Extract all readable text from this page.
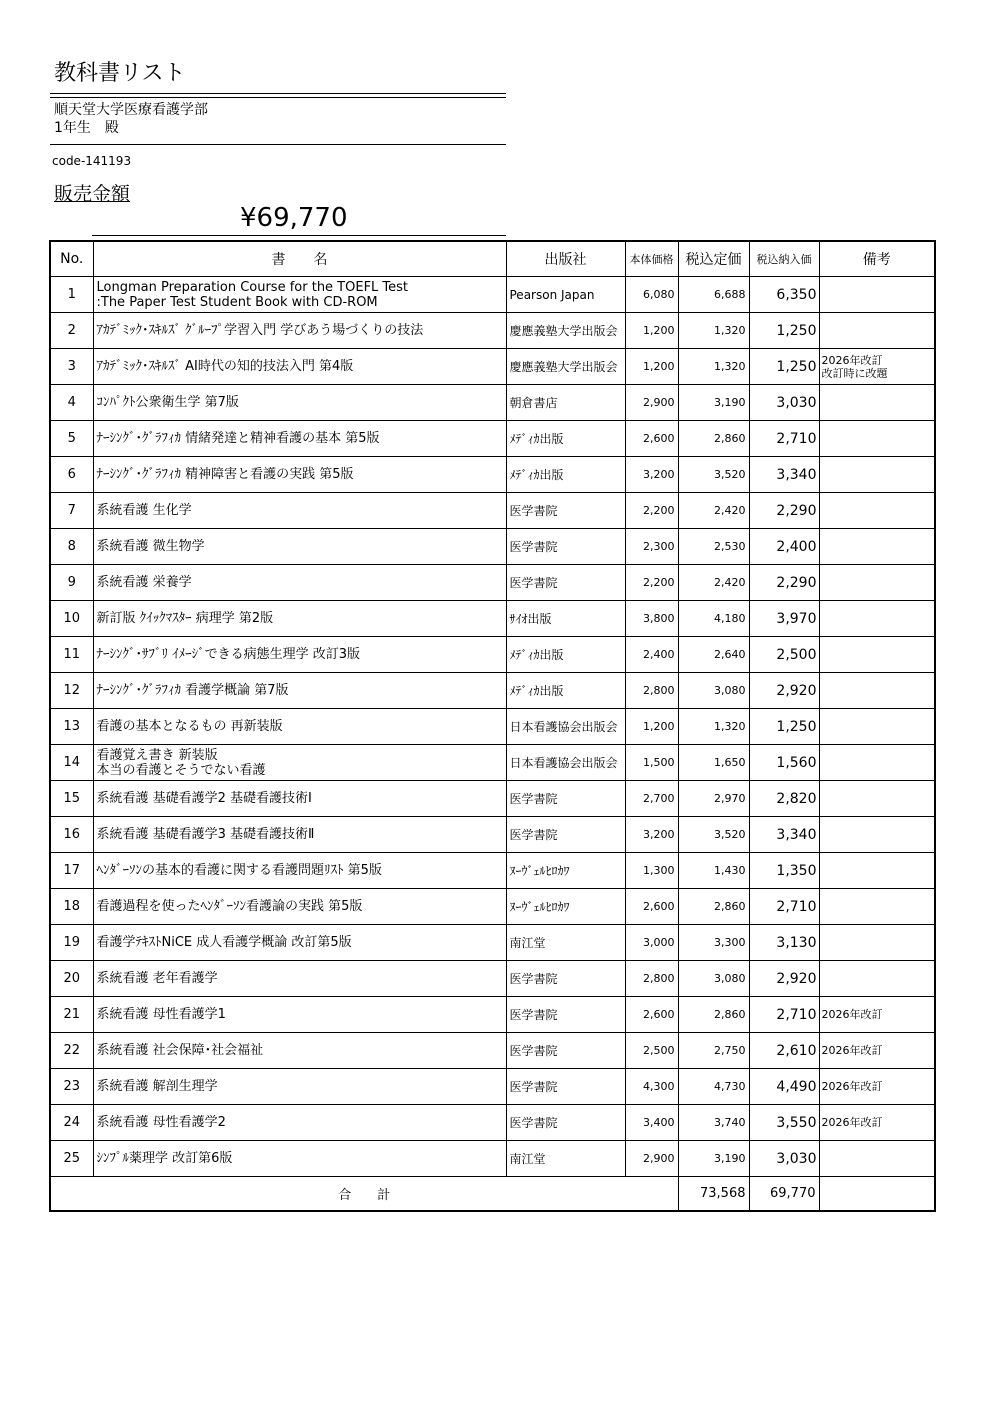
教科書リスト
順天堂大学医療看護学部
1年生　殿
code-141193
販売金額
¥69,770
No.	書　　名	出版社	本体価格	税込定価	税込納入価	備考
1	Longman Preparation Course for the TOEFL Test
:The Paper Test Student Book with CD-ROM	Pearson Japan	6,080	6,688	6,350	
2	ｱｶﾃﾞﾐｯｸ･ｽｷﾙｽﾞ ｸﾞﾙｰﾌﾟ学習入門 学びあう場づくりの技法	慶應義塾大学出版会	1,200	1,320	1,250	
3	ｱｶﾃﾞﾐｯｸ･ｽｷﾙｽﾞ AI時代の知的技法入門 第4版	慶應義塾大学出版会	1,200	1,320	1,250	2026年改訂
改訂時に改題
4	ｺﾝﾊﾟｸﾄ公衆衛生学 第7版	朝倉書店	2,900	3,190	3,030	
5	ﾅｰｼﾝｸﾞ･ｸﾞﾗﾌｨｶ 情緒発達と精神看護の基本 第5版	ﾒﾃﾞｨｶ出版	2,600	2,860	2,710	
6	ﾅｰｼﾝｸﾞ･ｸﾞﾗﾌｨｶ 精神障害と看護の実践 第5版	ﾒﾃﾞｨｶ出版	3,200	3,520	3,340	
7	系統看護 生化学	医学書院	2,200	2,420	2,290	
8	系統看護 微生物学	医学書院	2,300	2,530	2,400	
9	系統看護 栄養学	医学書院	2,200	2,420	2,290	
10	新訂版 ｸｲｯｸﾏｽﾀｰ 病理学 第2版	ｻｲｵ出版	3,800	4,180	3,970	
11	ﾅｰｼﾝｸﾞ･ｻﾌﾞﾘ ｲﾒｰｼﾞできる病態生理学 改訂3版	ﾒﾃﾞｨｶ出版	2,400	2,640	2,500	
12	ﾅｰｼﾝｸﾞ･ｸﾞﾗﾌｨｶ 看護学概論 第7版	ﾒﾃﾞｨｶ出版	2,800	3,080	2,920	
13	看護の基本となるもの 再新装版	日本看護協会出版会	1,200	1,320	1,250	
14	看護覚え書き 新装版
本当の看護とそうでない看護	日本看護協会出版会	1,500	1,650	1,560	
15	系統看護 基礎看護学2 基礎看護技術Ⅰ	医学書院	2,700	2,970	2,820	
16	系統看護 基礎看護学3 基礎看護技術Ⅱ	医学書院	3,200	3,520	3,340	
17	ﾍﾝﾀﾞｰｿﾝの基本的看護に関する看護問題ﾘｽﾄ 第5版	ﾇｰｳﾞｪﾙﾋﾛｶﾜ	1,300	1,430	1,350	
18	看護過程を使ったﾍﾝﾀﾞｰｿﾝ看護論の実践 第5版	ﾇｰｳﾞｪﾙﾋﾛｶﾜ	2,600	2,860	2,710	
19	看護学ﾃｷｽﾄNiCE 成人看護学概論 改訂第5版	南江堂	3,000	3,300	3,130	
20	系統看護 老年看護学	医学書院	2,800	3,080	2,920	
21	系統看護 母性看護学1	医学書院	2,600	2,860	2,710	2026年改訂
22	系統看護 社会保障･社会福祉	医学書院	2,500	2,750	2,610	2026年改訂
23	系統看護 解剖生理学	医学書院	4,300	4,730	4,490	2026年改訂
24	系統看護 母性看護学2	医学書院	3,400	3,740	3,550	2026年改訂
25	ｼﾝﾌﾟﾙ薬理学 改訂第6版	南江堂	2,900	3,190	3,030	
合　　計				73,568	69,770	
